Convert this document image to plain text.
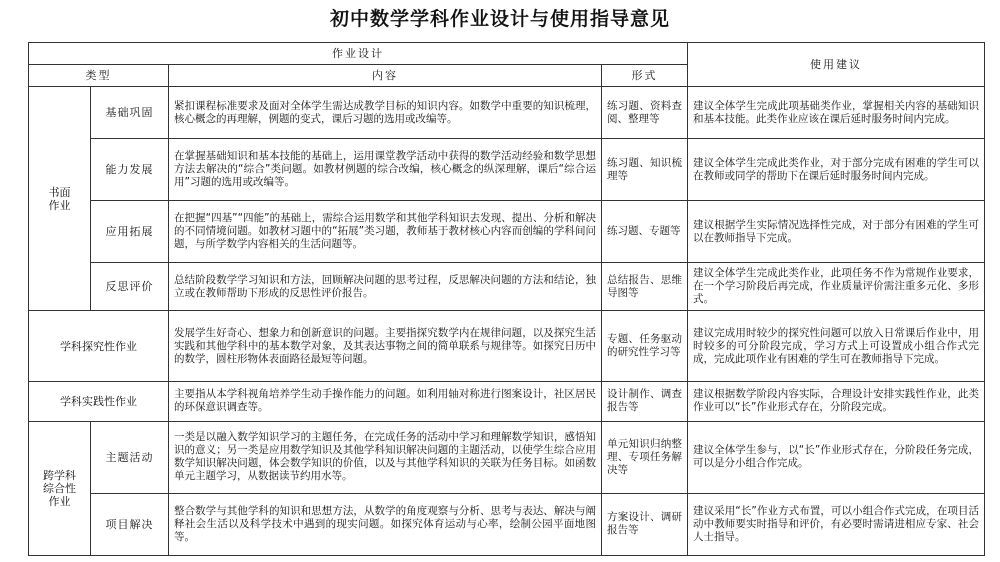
初中数学学科作业设计与使用指导意见
作业设计				使用建议
类型		内容	形式	
书面
作业	基础巩固	紧扣课程标准要求及面对全体学生需达成教学目标的知识内容。如数学中重要的知识梳理，核心概念的再理解，例题的变式，课后习题的选用或改编等。	练习题、资料查阅、整理等	建议全体学生完成此项基础类作业，掌握相关内容的基础知识和基本技能。此类作业应该在课后延时服务时间内完成。
	能力发展	在掌握基础知识和基本技能的基础上，运用课堂教学活动中获得的数学活动经验和数学思想方法去解决的“综合”类问题。如教材例题的综合改编，核心概念的纵深理解，课后“综合运用”习题的选用或改编等。	练习题、知识梳理等	建议全体学生完成此类作业，对于部分完成有困难的学生可以在教师或同学的帮助下在课后延时服务时间内完成。
	应用拓展	在把握“四基”“四能”的基础上，需综合运用数学和其他学科知识去发现、提出、分析和解决的不同情境问题。如教材习题中的“拓展”类习题，教师基于教材核心内容而创编的学科间问题，与所学数学内容相关的生活问题等。	练习题、专题等	建议根据学生实际情况选择性完成，对于部分有困难的学生可以在教师指导下完成。
	反思评价	总结阶段数学学习知识和方法，回顾解决问题的思考过程，反思解决问题的方法和结论，独立或在教师帮助下形成的反思性评价报告。	总结报告、思维导图等	建议全体学生完成此类作业，此项任务不作为常规作业要求，在一个学习阶段后再完成，作业质量评价需注重多元化、多形式。
学科探究性作业		发展学生好奇心、想象力和创新意识的问题。主要指探究数学内在规律问题，以及探究生活实践和其他学科中的基本数学对象，及其表达事物之间的简单联系与规律等。如探究日历中的数学，圆柱形物体表面路径最短等问题。	专题、任务驱动的研究性学习等	建议完成用时较少的探究性问题可以放入日常课后作业中，用时较多的可分阶段完成，学习方式上可设置成小组合作式完成，完成此项作业有困难的学生可在教师指导下完成。
学科实践性作业		主要指从本学科视角培养学生动手操作能力的问题。如利用轴对称进行图案设计，社区居民的环保意识调查等。	设计制作、调查报告等	建议根据数学阶段内容实际，合理设计安排实践性作业，此类作业可以“长”作业形式存在，分阶段完成。
跨学科
综合性
作业	主题活动	一类是以融入数学知识学习的主题任务，在完成任务的活动中学习和理解数学知识，感悟知识的意义；另一类是应用数学知识及其他学科知识解决问题的主题活动，以使学生综合应用数学知识解决问题，体会数学知识的价值，以及与其他学科知识的关联为任务目标。如函数单元主题学习，从数据读节约用水等。	单元知识归纳整理、专项任务解决等	建议全体学生参与，以“长”作业形式存在，分阶段任务完成，可以是分小组合作完成。
	项目解决	整合数学与其他学科的知识和思想方法，从数学的角度观察与分析、思考与表达、解决与阐释社会生活以及科学技术中遇到的现实问题。如探究体育运动与心率，绘制公园平面地图等。	方案设计、调研报告等	建议采用“长”作业方式布置，可以小组合作式完成，在项目活动中教师要实时指导和评价，有必要时需请进相应专家、社会人士指导。
